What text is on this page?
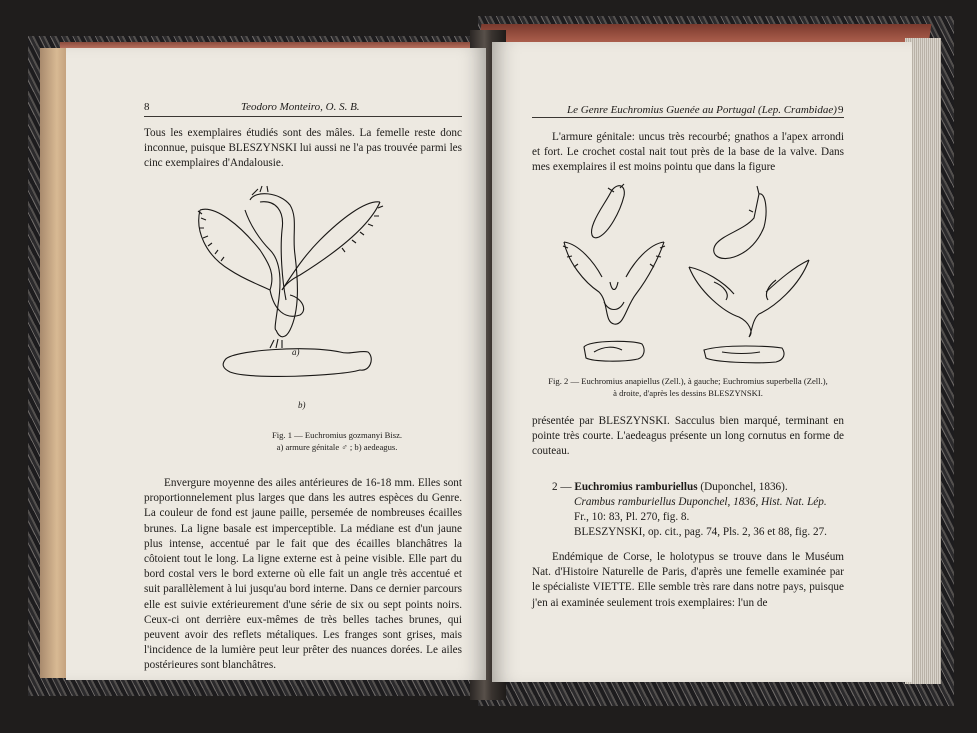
8	Teodoro Monteiro, O. S. B.

Tous les exemplaires étudiés sont des mâles. La femelle reste donc inconnue, puisque BLESZYNSKI lui aussi ne l'a pas trouvée parmi les cinc exemplaires d'Andalousie.

a)
b)

Fig. 1 — Euchromius gozmanyi Bisz.

a) armure génitale ♂ ; b) aedeagus.

Envergure moyenne des ailes antérieures de 16-18 mm. Elles sont proportionnelement plus larges que dans les autres espèces du Genre. La couleur de fond est jaune paille, persemée de nombreuses écailles brunes. La ligne basale est imperceptible. La médiane est d'un jaune plus intense, accentué par le fait que des écailles blanchâtres la côtoient tout le long. La ligne externe est à peine visible. Elle part du bord costal vers le bord externe où elle fait un angle très accentué et suit parallèlement à lui jusqu'au bord interne. Dans ce dernier parcours elle est suivie extérieurement d'une série de six ou sept points noirs. Ceux-ci ont derrière eux-mêmes de très belles taches brunes, qui peuvent avoir des reflets métaliques. Les franges sont grises, mais l'incidence de la lumière peut leur prêter des nuances dorées. Le ailes postérieures sont blanchâtres.

Le Genre Euchromius Guenée au Portugal (Lep. Crambidae) 9

L'armure génitale: uncus très recourbé; gnathos a l'apex arrondi et fort. Le crochet costal nait tout près de la base de la valve. Dans mes exemplaires il est moins pointu que dans la figure

Fig. 2 — Euchromius anapiellus (Zell.), à gauche; Euchromius superbella (Zell.),

à droite, d'après les dessins BLESZYNSKI.

présentée par BLESZYNSKI. Sacculus bien marqué, terminant en pointe très courte. L'aedeagus présente un long cornutus en forme de couteau.

2 — Euchromius ramburiellus (Duponchel, 1836).
Crambus ramburiellus Duponchel, 1836, Hist. Nat. Lép.
Fr., 10: 83, Pl. 270, fig. 8.
BLESZYNSKI, op. cit., pag. 74, Pls. 2, 36 et 88, fig. 27.

Endémique de Corse, le holotypus se trouve dans le Muséum Nat. d'Histoire Naturelle de Paris, d'après une femelle examinée par le spécialiste VIETTE. Elle semble très rare dans notre pays, puisque j'en ai examinée seulement trois exemplaires: l'un de
